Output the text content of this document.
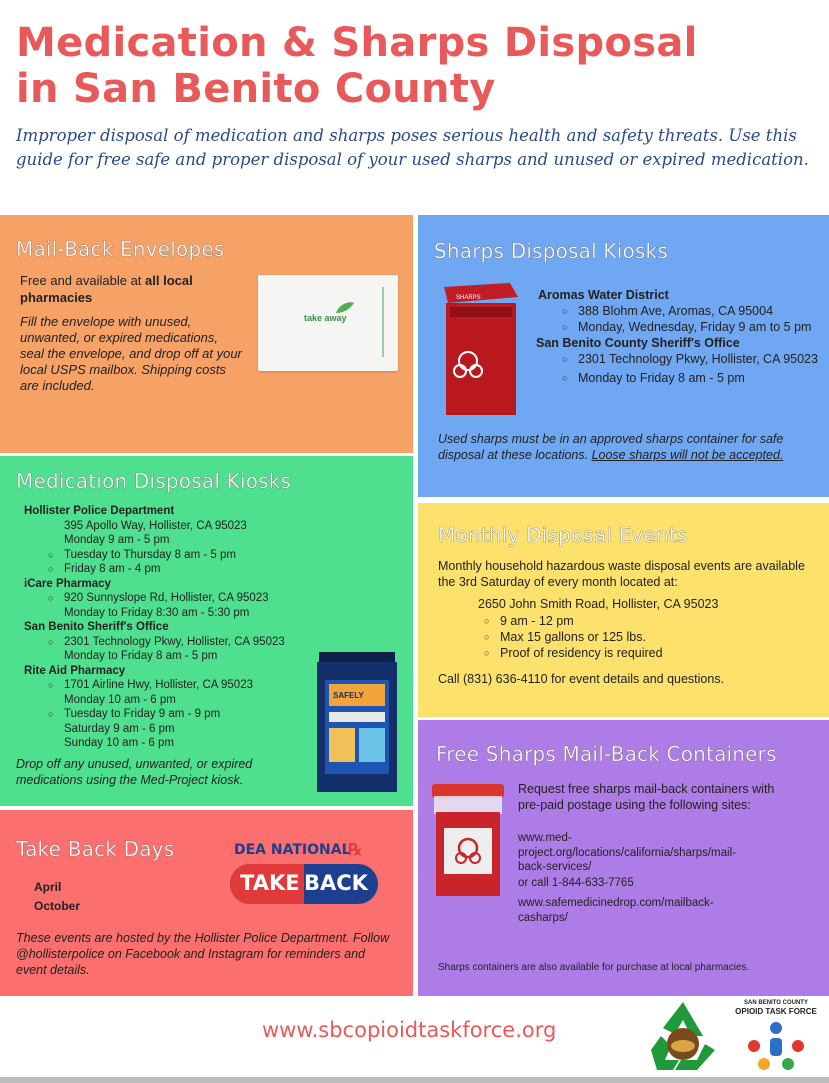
Medication & Sharps Disposal
in San Benito County
Improper disposal of medication and sharps poses serious health and safety threats. Use this guide for free safe and proper disposal of your used sharps and unused or expired medication.
Mail-Back Envelopes
Free and available at all local pharmacies
Fill the envelope with unused, unwanted, or expired medications, seal the envelope, and drop off at your local USPS mailbox. Shipping costs are included.
take away
Sharps Disposal Kiosks
SHARPS	Aromas Water District
○ 388 Blohm Ave, Aromas, CA 95004
○ Monday, Wednesday, Friday 9 am to 5 pm
San Benito County Sheriff's Office
○ 2301 Technology Pkwy, Hollister, CA 95023
○ Monday to Friday 8 am - 5 pm
Used sharps must be in an approved sharps container for safe disposal at these locations. Loose sharps will not be accepted.
Medication Disposal Kiosks
Hollister Police Department
395 Apollo Way, Hollister, CA 95023
Monday 9 am - 5 pm
○ Tuesday to Thursday 8 am - 5 pm
○ Friday 8 am - 4 pm
iCare Pharmacy
○ 920 Sunnyslope Rd, Hollister, CA 95023
Monday to Friday 8:30 am - 5:30 pm
San Benito Sheriff's Office
○ 2301 Technology Pkwy, Hollister, CA 95023
Monday to Friday 8 am - 5 pm
Rite Aid Pharmacy
○ 1701 Airline Hwy, Hollister, CA 95023
Monday 10 am - 6 pm
○ Tuesday to Friday 9 am - 9 pm
Saturday 9 am - 6 pm
Sunday 10 am - 6 pm
Drop off any unused, unwanted, or expired medications using the Med-Project kiosk.
SAFELY
Monthly Disposal Events
Monthly household hazardous waste disposal events are available the 3rd Saturday of every month located at:
2650 John Smith Road, Hollister, CA 95023
○ 9 am - 12 pm
○ Max 15 gallons or 125 lbs.
○ Proof of residency is required
Call (831) 636-4110 for event details and questions.
Take Back Days
April
October
DEA NATIONAL
℞
TAKE BACK
These events are hosted by the Hollister Police Department. Follow @hollisterpolice on Facebook and Instagram for reminders and event details.
Free Sharps Mail-Back Containers
Request free sharps mail-back containers with pre-paid postage using the following sites:
www.med-project.org/locations/california/sharps/mail-back-services/
or call 1-844-633-7765
www.safemedicinedrop.com/mailback-casharps/
Sharps containers are also available for purchase at local pharmacies.
www.sbcopioidtaskforce.org
SAN BENITO COUNTY
OPIOID TASK FORCE
